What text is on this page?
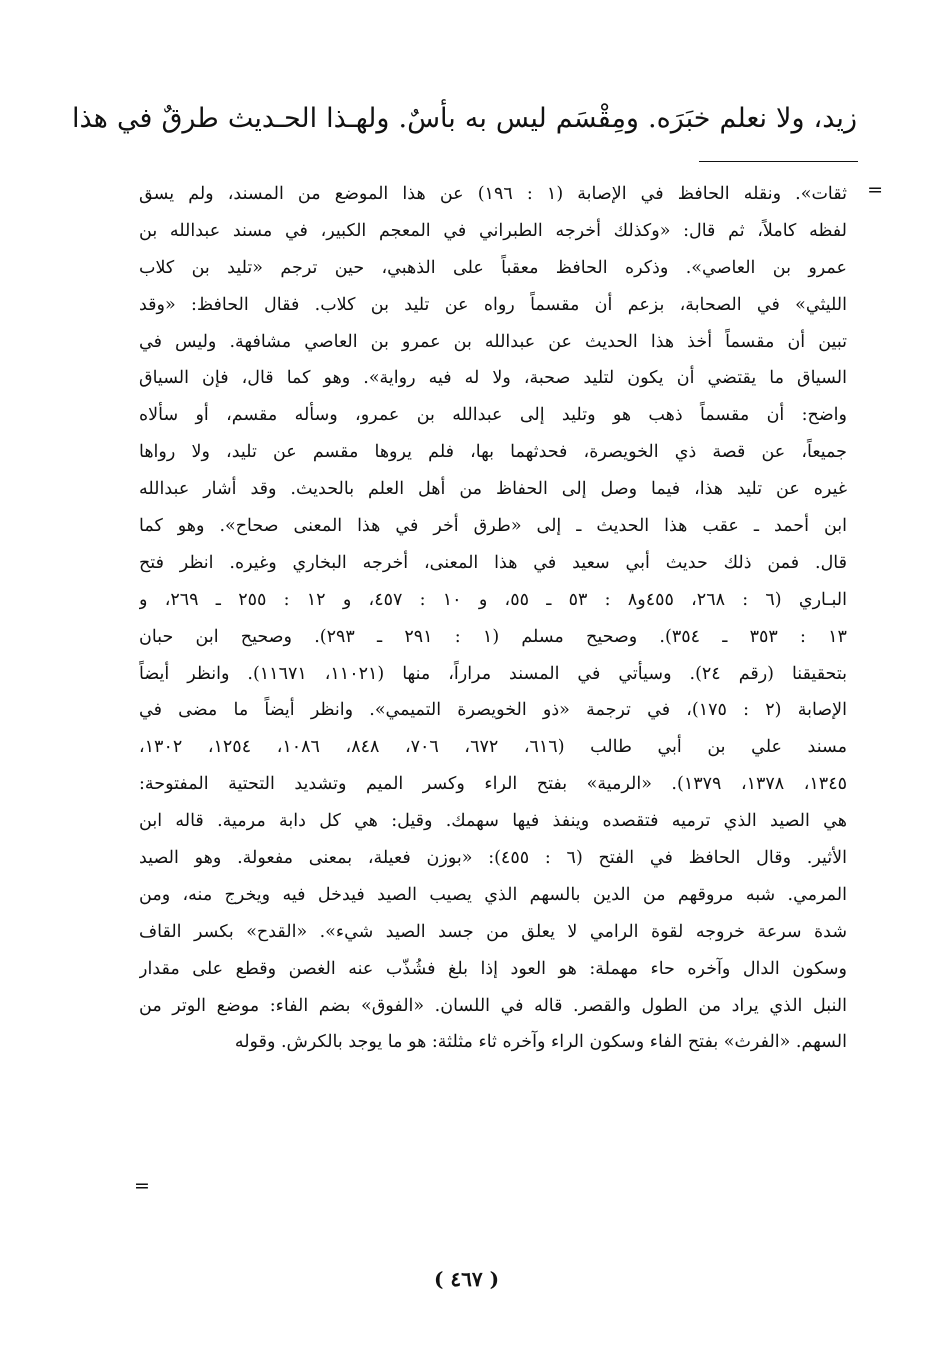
زيد، ولا نعلم خبَرَه. ومِقْسَم ليس به بأسٌ. ولهـذا الحـديث طرقٌ في هذا
=
ثقات». ونقله الحافظ في الإصابة (١ : ١٩٦) عن هذا الموضع من المسند، ولم يسق
لفظه كاملاً، ثم قال: «وكذلك أخرجه الطبراني في المعجم الكبير، في مسند عبدالله بن
عمرو بن العاصي». وذكره الحافظ معقباً على الذهبي، حين ترجم «تليد بن كلاب
الليثي» في الصحابة، بزعم أن مقسماً رواه عن تليد بن كلاب. فقال الحافظ: «وقد
تبين أن مقسماً أخذ هذا الحديث عن عبدالله بن عمرو بن العاصي مشافهة. وليس في
السياق ما يقتضي أن يكون لتليد صحبة، ولا له فيه رواية». وهو كما قال، فإن السياق
واضح: أن مقسماً ذهب هو وتليد إلى عبدالله بن عمرو، وسأله مقسم، أو سألاه
جميعاً، عن قصة ذي الخويصرة، فحدثهما بها، فلم يروها مقسم عن تليد، ولا رواها
غيره عن تليد هذا، فيما وصل إلى الحفاظ من أهل العلم بالحديث. وقد أشار عبدالله
ابن أحمد ـ عقب هذا الحديث ـ إلى «طرق أخر في هذا المعنى صحاح». وهو كما
قال. فمن ذلك حديث أبي سعيد في هذا المعنى، أخرجه البخاري وغيره. انظر فتح
البـاري (٦ : ٢٦٨، ٤٥٥و٨ : ٥٣ ـ ٥٥، و ١٠ : ٤٥٧، و ١٢ : ٢٥٥ ـ ٢٦٩، و
١٣ : ٣٥٣ ـ ٣٥٤). وصحيح مسلم (١ : ٢٩١ ـ ٢٩٣). وصحيح ابن حبان
بتحقيقنا (رقم ٢٤). وسيأتي في المسند مراراً، منها (١١٠٢١، ١١٦٧١). وانظر أيضاً
الإصابة (٢ : ١٧٥)، في ترجمة «ذو الخويصرة التميمي». وانظر أيضاً ما مضى في
مسند علي بن أبي طالب (٦١٦، ٦٧٢، ٧٠٦، ٨٤٨، ١٠٨٦، ١٢٥٤، ١٣٠٢،
١٣٤٥، ١٣٧٨، ١٣٧٩). «الرمية» بفتح الراء وكسر الميم وتشديد التحتية المفتوحة:
هي الصيد الذي ترميه فتقصده وينفذ فيها سهمك. وقيل: هي كل دابة مرمية. قاله ابن
الأثير. وقال الحافظ في الفتح (٦ : ٤٥٥): «بوزن فعيلة، بمعنى مفعولة. وهو الصيد
المرمي. شبه مروقهم من الدين بالسهم الذي يصيب الصيد فيدخل فيه ويخرج منه، ومن
شدة سرعة خروجه لقوة الرامي لا يعلق من جسد الصيد شيء». «القدح» بكسر القاف
وسكون الدال وآخره حاء مهملة: هو العود إذا بلغ فشُذّب عنه الغصن وقطع على مقدار
النبل الذي يراد من الطول والقصر. قاله في اللسان. «الفوق» بضم الفاء: موضع الوتر من
السهم. «الفرث» بفتح الفاء وسكون الراء وآخره ثاء مثلثة: هو ما يوجد بالكرش. وقوله
=
( ٤٦٧ )
